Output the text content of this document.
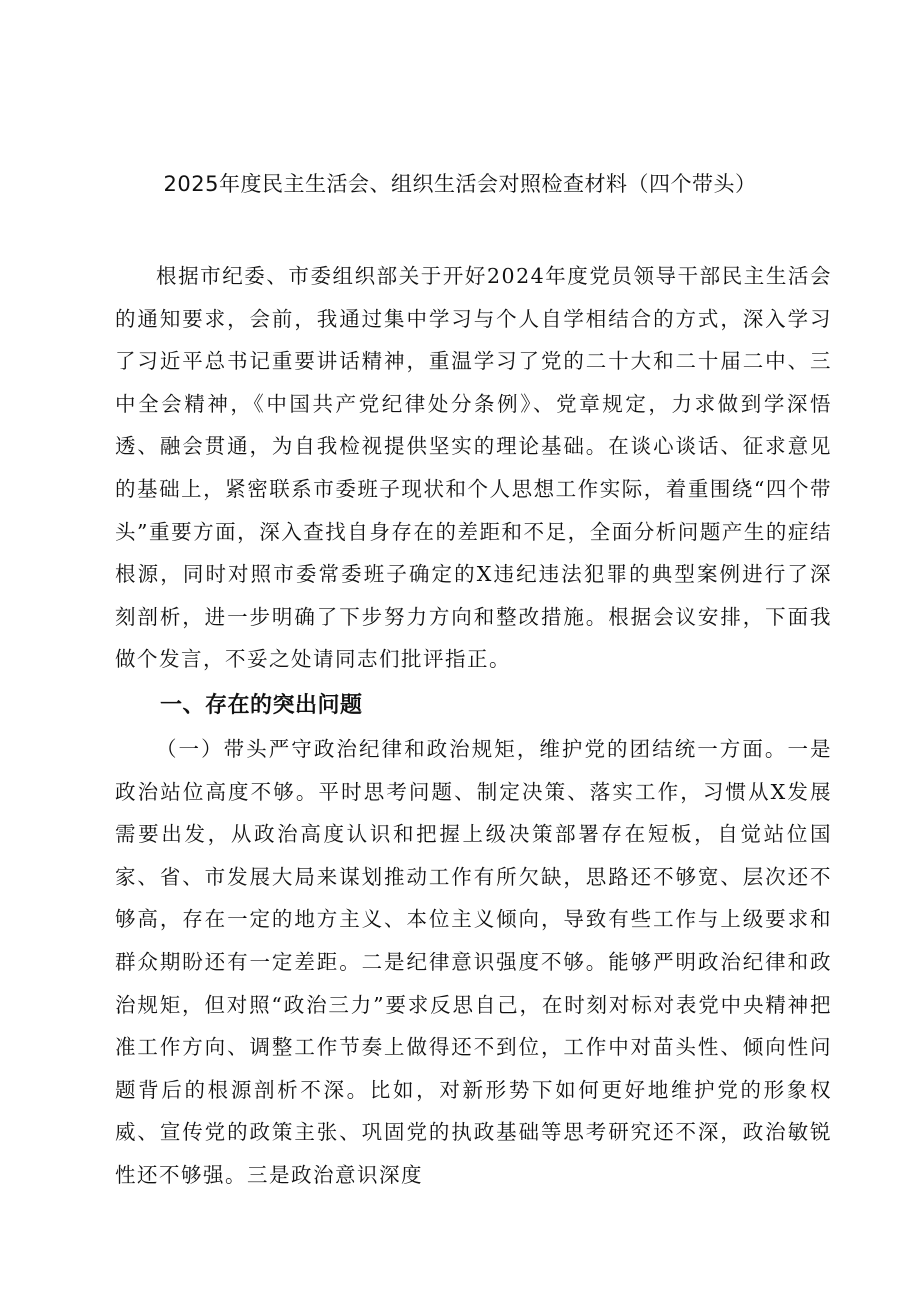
2025年度民主生活会、组织生活会对照检查材料（四个带头）

根据市纪委、市委组织部关于开好2024年度党员领导干部民主生活会的通知要求，会前，我通过集中学习与个人自学相结合的方式，深入学习了习近平总书记重要讲话精神，重温学习了党的二十大和二十届二中、三中全会精神，《中国共产党纪律处分条例》、党章规定，力求做到学深悟透、融会贯通，为自我检视提供坚实的理论基础。在谈心谈话、征求意见的基础上，紧密联系市委班子现状和个人思想工作实际，着重围绕“四个带头”重要方面，深入查找自身存在的差距和不足，全面分析问题产生的症结根源，同时对照市委常委班子确定的X违纪违法犯罪的典型案例进行了深刻剖析，进一步明确了下步努力方向和整改措施。根据会议安排，下面我做个发言，不妥之处请同志们批评指正。

一、存在的突出问题

（一）带头严守政治纪律和政治规矩，维护党的团结统一方面。一是政治站位高度不够。平时思考问题、制定决策、落实工作，习惯从X发展需要出发，从政治高度认识和把握上级决策部署存在短板，自觉站位国家、省、市发展大局来谋划推动工作有所欠缺，思路还不够宽、层次还不够高，存在一定的地方主义、本位主义倾向，导致有些工作与上级要求和群众期盼还有一定差距。二是纪律意识强度不够。能够严明政治纪律和政治规矩，但对照“政治三力”要求反思自己，在时刻对标对表党中央精神把准工作方向、调整工作节奏上做得还不到位，工作中对苗头性、倾向性问题背后的根源剖析不深。比如，对新形势下如何更好地维护党的形象权威、宣传党的政策主张、巩固党的执政基础等思考研究还不深，政治敏锐性还不够强。三是政治意识深度
